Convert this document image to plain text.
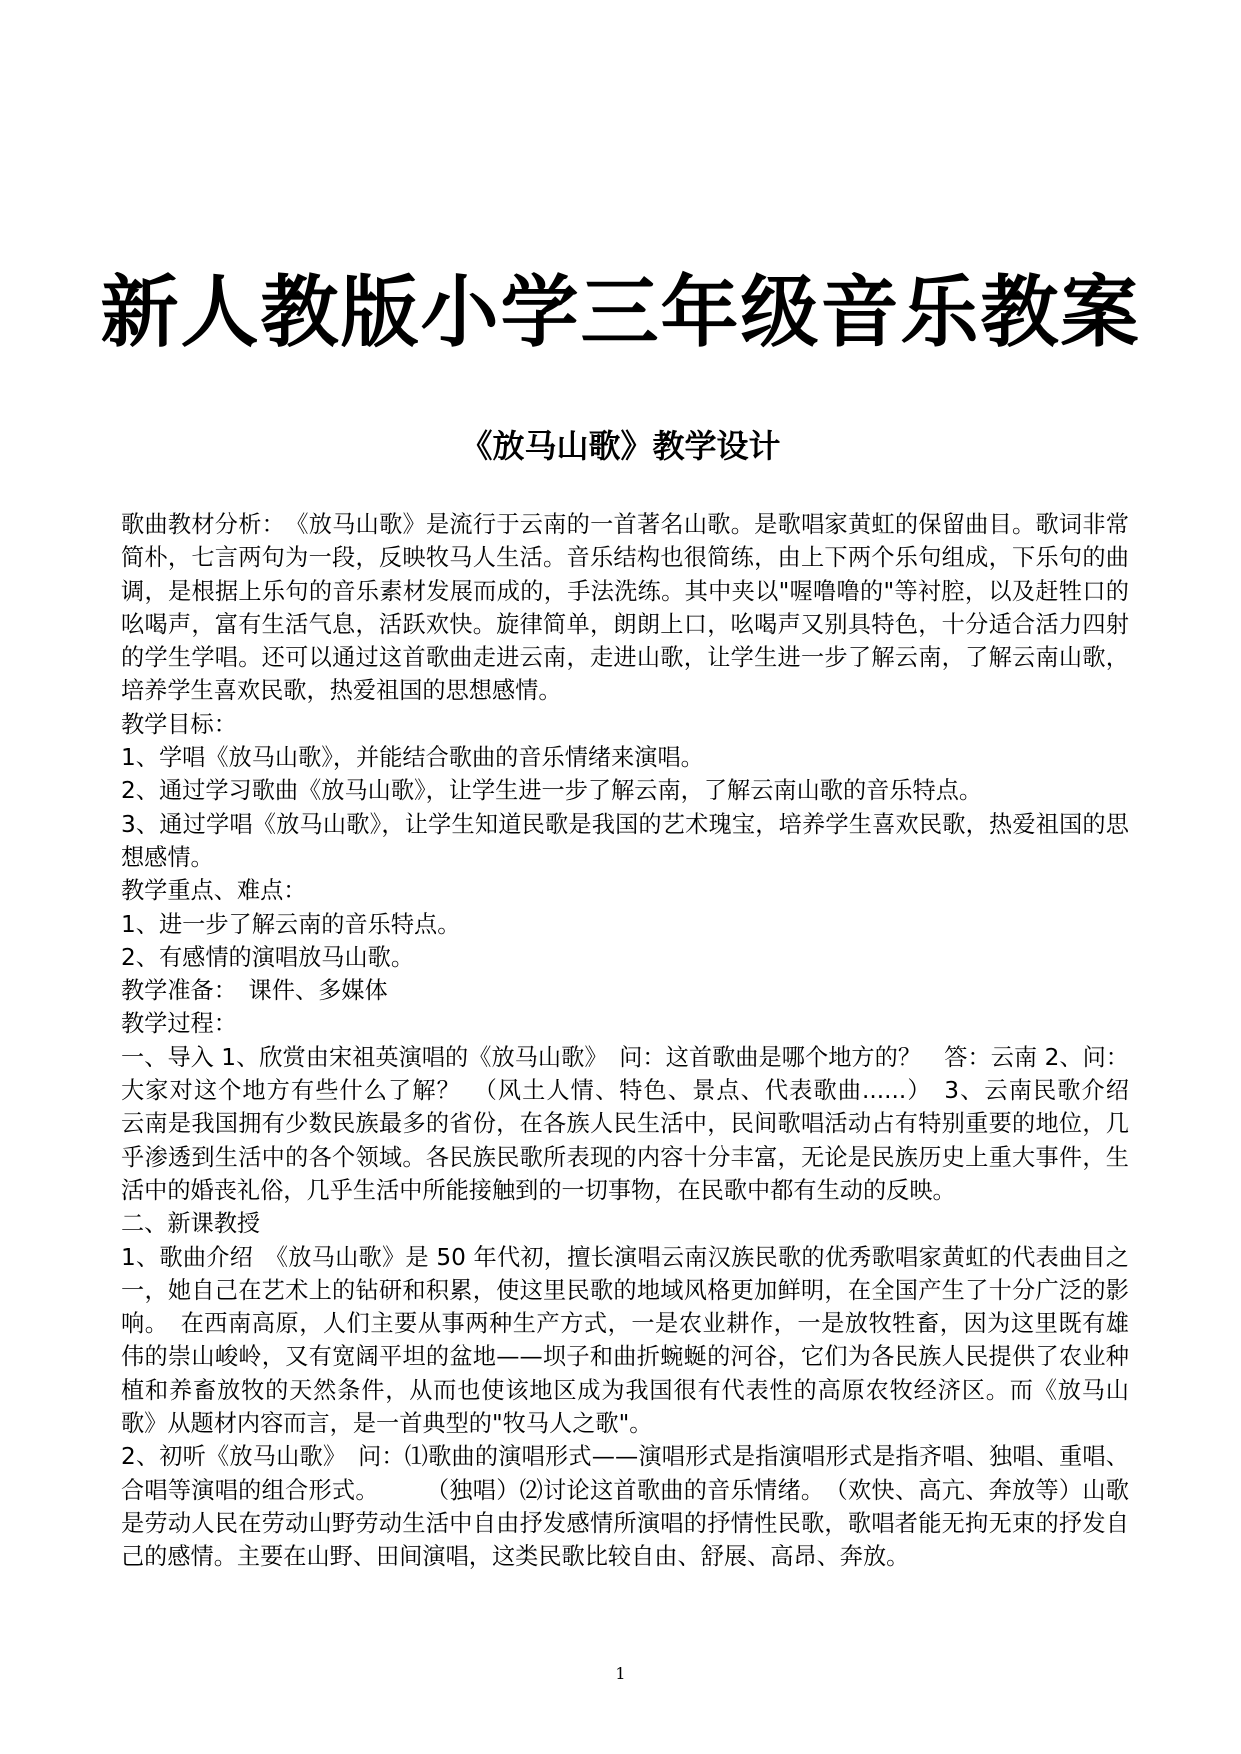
新人教版小学三年级音乐教案
《放马山歌》教学设计

歌曲教材分析：　《放马山歌》是流行于云南的一首著名山歌。是歌唱家黄虹的保留曲目。歌词非常简朴，七言两句为一段，反映牧马人生活。音乐结构也很简练，由上下两个乐句组成，下乐句的曲调，是根据上乐句的音乐素材发展而成的，手法洗练。其中夹以"喔噜噜的"等衬腔，以及赶牲口的吆喝声，富有生活气息，活跃欢快。旋律简单，朗朗上口，吆喝声又别具特色，十分适合活力四射的学生学唱。还可以通过这首歌曲走进云南，走进山歌，让学生进一步了解云南，了解云南山歌，培养学生喜欢民歌，热爱祖国的思想感情。

教学目标：

1、学唱《放马山歌》，并能结合歌曲的音乐情绪来演唱。

2、通过学习歌曲《放马山歌》，让学生进一步了解云南，了解云南山歌的音乐特点。

3、通过学唱《放马山歌》，让学生知道民歌是我国的艺术瑰宝，培养学生喜欢民歌，热爱祖国的思想感情。

教学重点、难点：

1、进一步了解云南的音乐特点。

2、有感情的演唱放马山歌。

教学准备：　课件、多媒体

教学过程：

一、导入 1、欣赏由宋祖英演唱的《放马山歌》　问：这首歌曲是哪个地方的？　答：云南 2、问：大家对这个地方有些什么了解？　（风土人情、特色、景点、代表歌曲......）　3、云南民歌介绍　云南是我国拥有少数民族最多的省份，在各族人民生活中，民间歌唱活动占有特别重要的地位，几乎渗透到生活中的各个领域。各民族民歌所表现的内容十分丰富，无论是民族历史上重大事件，生活中的婚丧礼俗，几乎生活中所能接触到的一切事物，在民歌中都有生动的反映。

二、新课教授

1、歌曲介绍　《放马山歌》是 50 年代初，擅长演唱云南汉族民歌的优秀歌唱家黄虹的代表曲目之一，她自己在艺术上的钻研和积累，使这里民歌的地域风格更加鲜明，在全国产生了十分广泛的影响。　在西南高原，人们主要从事两种生产方式，一是农业耕作，一是放牧牲畜，因为这里既有雄伟的崇山峻岭，又有宽阔平坦的盆地——坝子和曲折蜿蜒的河谷，它们为各民族人民提供了农业种植和养畜放牧的天然条件，从而也使该地区成为我国很有代表性的高原农牧经济区。而《放马山歌》从题材内容而言，是一首典型的"牧马人之歌"。

2、初听《放马山歌》　问：⑴歌曲的演唱形式——演唱形式是指演唱形式是指齐唱、独唱、重唱、合唱等演唱的组合形式。　　　（独唱）⑵讨论这首歌曲的音乐情绪。　（欢快、高亢、奔放等）山歌是劳动人民在劳动山野劳动生活中自由抒发感情所演唱的抒情性民歌，歌唱者能无拘无束的抒发自己的感情。主要在山野、田间演唱，这类民歌比较自由、舒展、高昂、奔放。

1
